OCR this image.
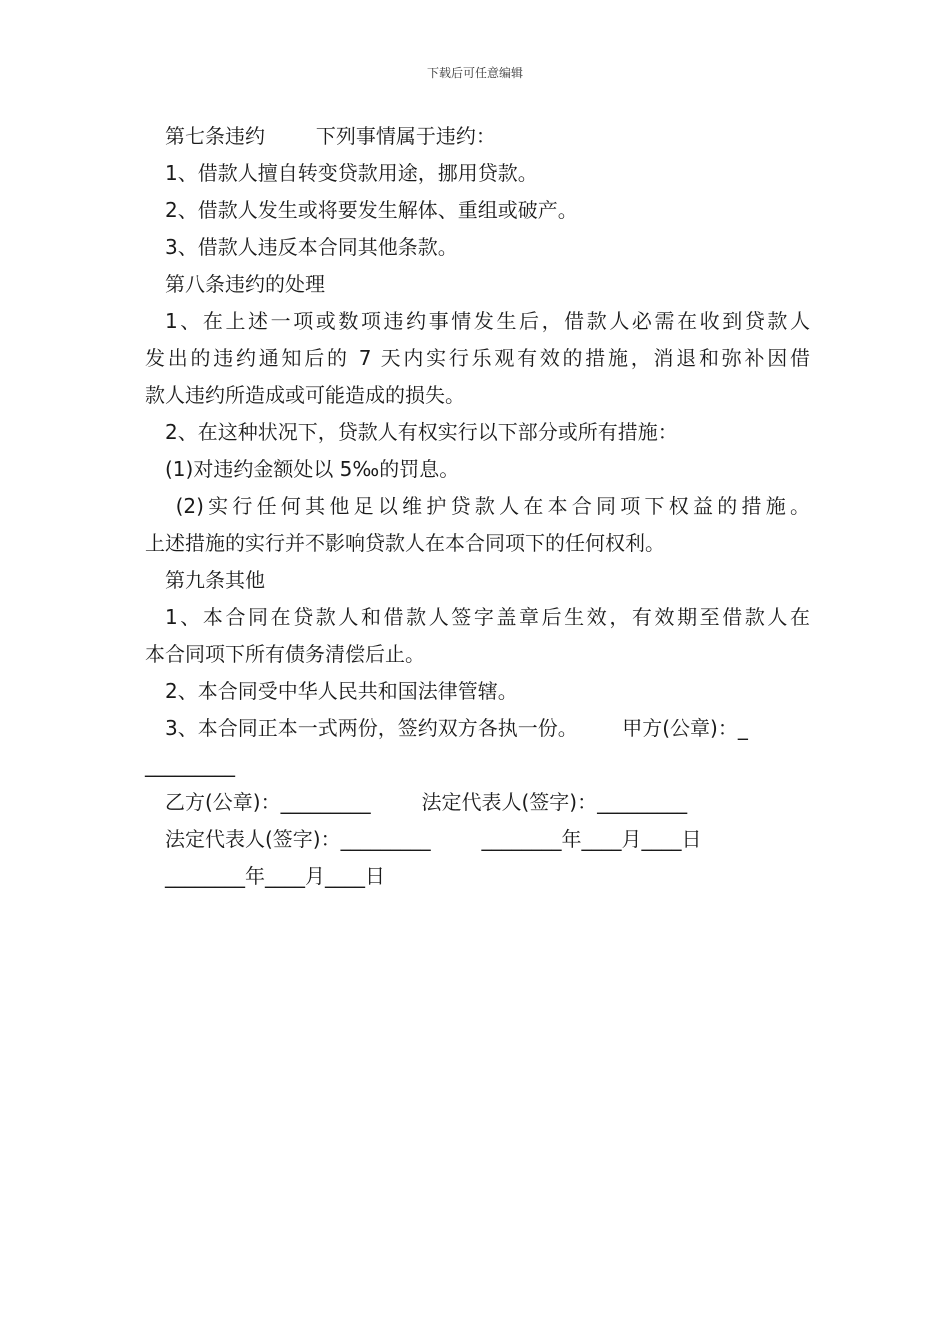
下载后可任意编辑

第七条违约        下列事情属于违约：

1、借款人擅自转变贷款用途，挪用贷款。

2、借款人发生或将要发生解体、重组或破产。

3、借款人违反本合同其他条款。

第八条违约的处理

1、在上述一项或数项违约事情发生后，借款人必需在收到贷款人

发出的违约通知后的 7 天内实行乐观有效的措施，消退和弥补因借

款人违约所造成或可能造成的损失。

2、在这种状况下，贷款人有权实行以下部分或所有措施：

(1)对违约金额处以 5‰的罚息。

(2)实行任何其他足以维护贷款人在本合同项下权益的措施。

上述措施的实行并不影响贷款人在本合同项下的任何权利。

第九条其他

1、本合同在贷款人和借款人签字盖章后生效，有效期至借款人在

本合同项下所有债务清偿后止。

2、本合同受中华人民共和国法律管辖。

3、本合同正本一式两份，签约双方各执一份。       甲方(公章)：_

_________

乙方(公章)：_________        法定代表人(签字)：_________

法定代表人(签字)：_________        ________年____月____日

________年____月____日
